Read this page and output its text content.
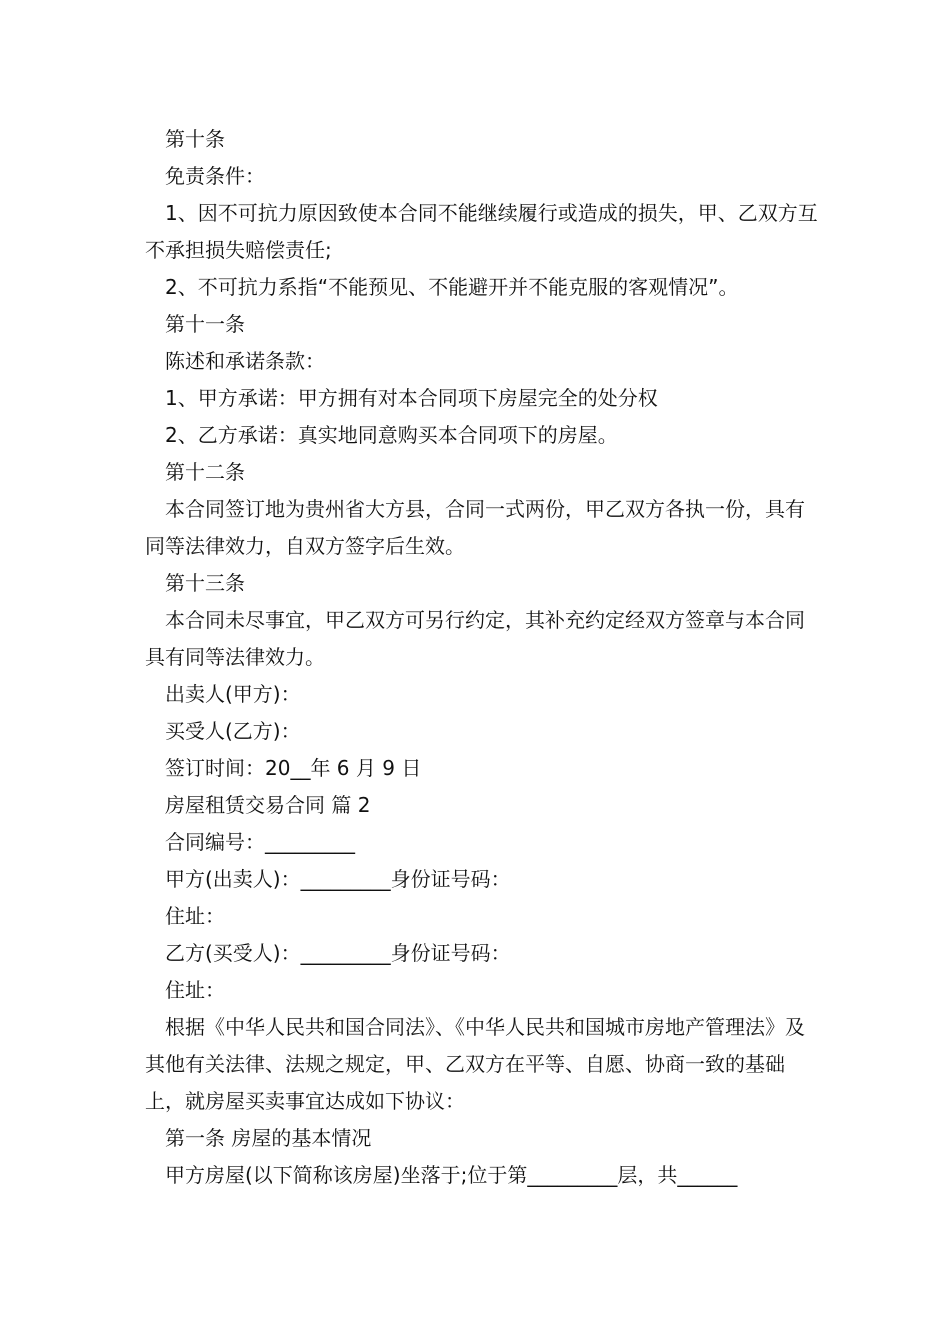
第十条

免责条件：

1、因不可抗力原因致使本合同不能继续履行或造成的损失，甲、乙双方互不承担损失赔偿责任;

2、不可抗力系指“不能预见、不能避开并不能克服的客观情况”。

第十一条

陈述和承诺条款：

1、甲方承诺：甲方拥有对本合同项下房屋完全的处分权

2、乙方承诺：真实地同意购买本合同项下的房屋。

第十二条

本合同签订地为贵州省大方县，合同一式两份，甲乙双方各执一份，具有同等法律效力，自双方签字后生效。

第十三条

本合同未尽事宜，甲乙双方可另行约定，其补充约定经双方签章与本合同具有同等法律效力。

出卖人(甲方)：

买受人(乙方)：

签订时间：20__年 6 月 9 日

房屋租赁交易合同 篇 2

合同编号：_________

甲方(出卖人)：_________身份证号码：

住址：

乙方(买受人)：_________身份证号码：

住址：

根据《中华人民共和国合同法》、《中华人民共和国城市房地产管理法》及其他有关法律、法规之规定，甲、乙双方在平等、自愿、协商一致的基础上，就房屋买卖事宜达成如下协议：

第一条 房屋的基本情况

甲方房屋(以下简称该房屋)坐落于;位于第_________层，共______
